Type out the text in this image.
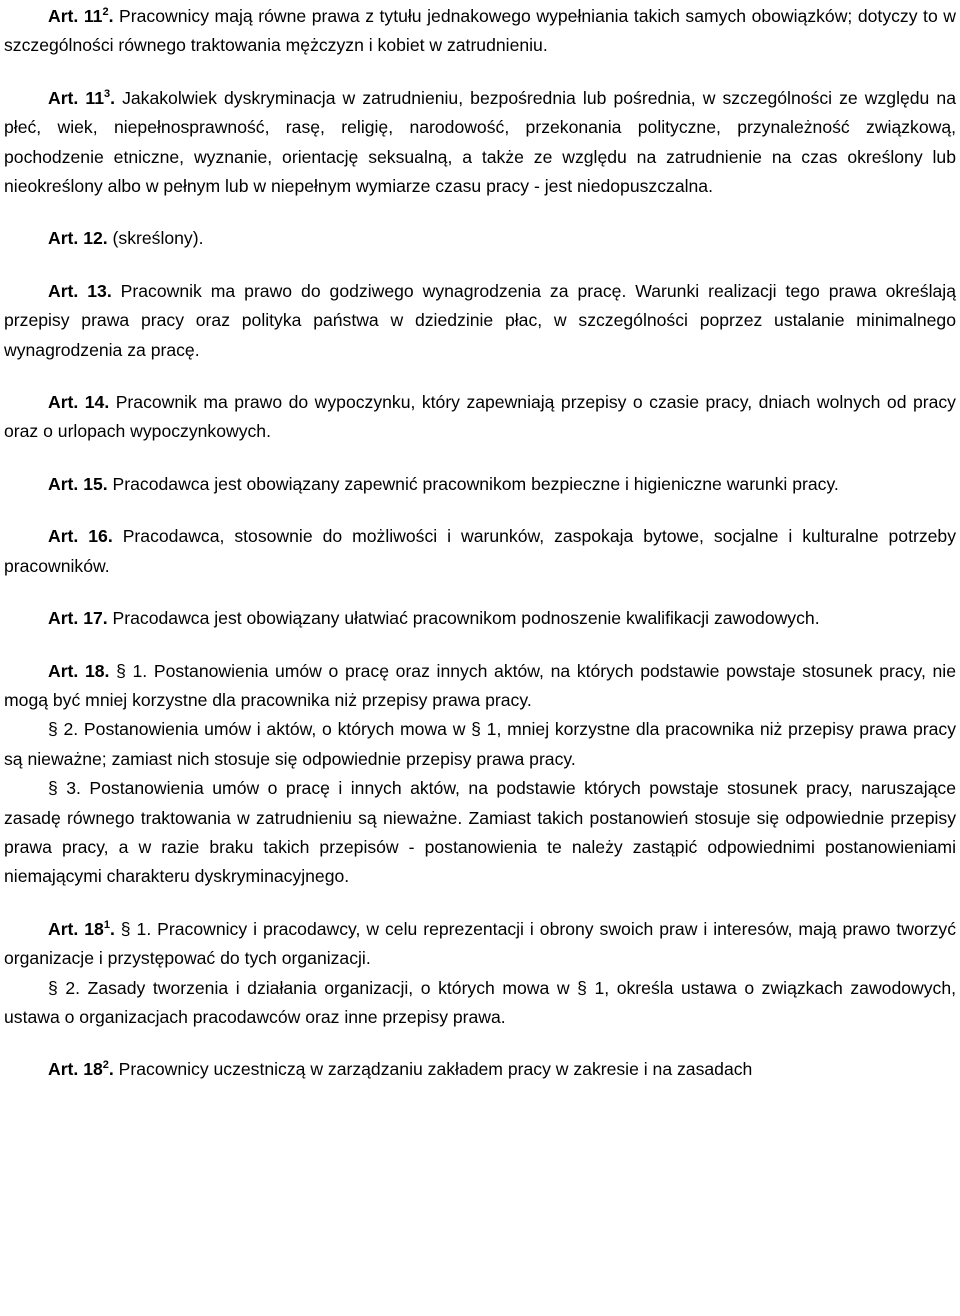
Art. $11^2$. Pracownicy mają równe prawa z tytułu jednakowego wypełniania takich samych obowiązków; dotyczy to w szczególności równego traktowania mężczyzn i kobiet w zatrudnieniu.

Art. $11^3$. Jakakolwiek dyskryminacja w zatrudnieniu, bezpośrednia lub pośrednia, w szczególności ze względu na płeć, wiek, niepełnosprawność, rasę, religię, narodowość, przekonania polityczne, przynależność związkową, pochodzenie etniczne, wyznanie, orientację seksualną, a także ze względu na zatrudnienie na czas określony lub nieokreślony albo w pełnym lub w niepełnym wymiarze czasu pracy - jest niedopuszczalna.

Art. 12. (skreślony).

Art. 13. Pracownik ma prawo do godziwego wynagrodzenia za pracę. Warunki realizacji tego prawa określają przepisy prawa pracy oraz polityka państwa w dziedzinie płac, w szczególności poprzez ustalanie minimalnego wynagrodzenia za pracę.

Art. 14. Pracownik ma prawo do wypoczynku, który zapewniają przepisy o czasie pracy, dniach wolnych od pracy oraz o urlopach wypoczynkowych.

Art. 15. Pracodawca jest obowiązany zapewnić pracownikom bezpieczne i higieniczne warunki pracy.

Art. 16. Pracodawca, stosownie do możliwości i warunków, zaspokaja bytowe, socjalne i kulturalne potrzeby pracowników.

Art. 17. Pracodawca jest obowiązany ułatwiać pracownikom podnoszenie kwalifikacji zawodowych.

Art. 18. § 1. Postanowienia umów o pracę oraz innych aktów, na których podstawie powstaje stosunek pracy, nie mogą być mniej korzystne dla pracownika niż przepisy prawa pracy.

§ 2. Postanowienia umów i aktów, o których mowa w § 1, mniej korzystne dla pracownika niż przepisy prawa pracy są nieważne; zamiast nich stosuje się odpowiednie przepisy prawa pracy.

§ 3. Postanowienia umów o pracę i innych aktów, na podstawie których powstaje stosunek pracy, naruszające zasadę równego traktowania w zatrudnieniu są nieważne. Zamiast takich postanowień stosuje się odpowiednie przepisy prawa pracy, a w razie braku takich przepisów - postanowienia te należy zastąpić odpowiednimi postanowieniami niemającymi charakteru dyskryminacyjnego.

Art. $18^1$. § 1. Pracownicy i pracodawcy, w celu reprezentacji i obrony swoich praw i interesów, mają prawo tworzyć organizacje i przystępować do tych organizacji.

§ 2. Zasady tworzenia i działania organizacji, o których mowa w § 1, określa ustawa o związkach zawodowych, ustawa o organizacjach pracodawców oraz inne przepisy prawa.

Art. $18^2$. Pracownicy uczestniczą w zarządzaniu zakładem pracy w zakresie i na zasadach
